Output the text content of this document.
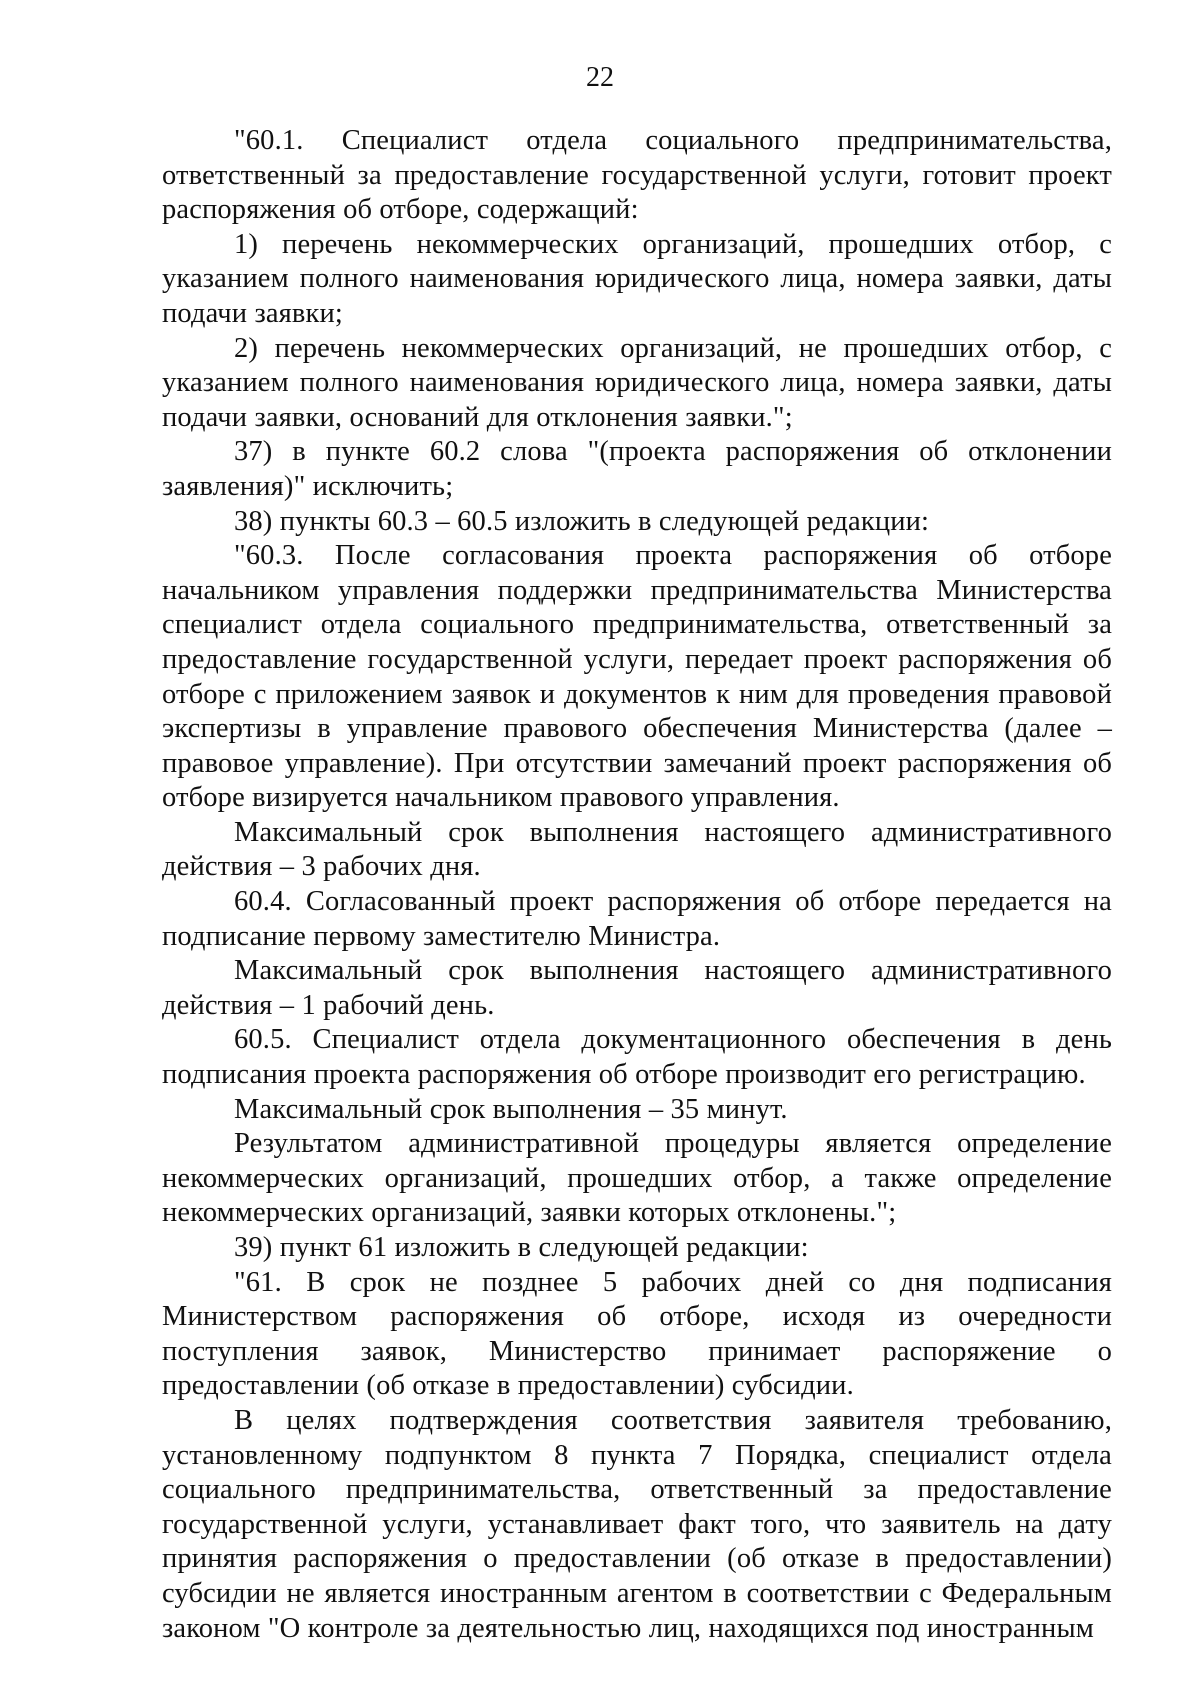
22

"60.1. Специалист отдела социального предпринимательства, ответственный за предоставление государственной услуги, готовит проект распоряжения об отборе, содержащий:

1) перечень некоммерческих организаций, прошедших отбор, с указанием полного наименования юридического лица, номера заявки, даты подачи заявки;

2) перечень некоммерческих организаций, не прошедших отбор, с указанием полного наименования юридического лица, номера заявки, даты подачи заявки, оснований для отклонения заявки.";

37) в пункте 60.2 слова "(проекта распоряжения об отклонении заявления)" исключить;

38) пункты 60.3 – 60.5 изложить в следующей редакции:

"60.3. После согласования проекта распоряжения об отборе начальником управления поддержки предпринимательства Министерства специалист отдела социального предпринимательства, ответственный за предоставление государственной услуги, передает проект распоряжения об отборе с приложением заявок и документов к ним для проведения правовой экспертизы в управление правового обеспечения Министерства (далее – правовое управление). При отсутствии замечаний проект распоряжения об отборе визируется начальником правового управления.

Максимальный срок выполнения настоящего административного действия – 3 рабочих дня.

60.4. Согласованный проект распоряжения об отборе передается на подписание первому заместителю Министра.

Максимальный срок выполнения настоящего административного действия – 1 рабочий день.

60.5. Специалист отдела документационного обеспечения в день подписания проекта распоряжения об отборе производит его регистрацию.

Максимальный срок выполнения – 35 минут.

Результатом административной процедуры является определение некоммерческих организаций, прошедших отбор, а также определение некоммерческих организаций, заявки которых отклонены.";

39) пункт 61 изложить в следующей редакции:

"61. В срок не позднее 5 рабочих дней со дня подписания Министерством распоряжения об отборе, исходя из очередности поступления заявок, Министерство принимает распоряжение о предоставлении (об отказе в предоставлении) субсидии.

В целях подтверждения соответствия заявителя требованию, установленному подпунктом 8 пункта 7 Порядка, специалист отдела социального предпринимательства, ответственный за предоставление государственной услуги, устанавливает факт того, что заявитель на дату принятия распоряжения о предоставлении (об отказе в предоставлении) субсидии не является иностранным агентом в соответствии с Федеральным законом "О контроле за деятельностью лиц, находящихся под иностранным
